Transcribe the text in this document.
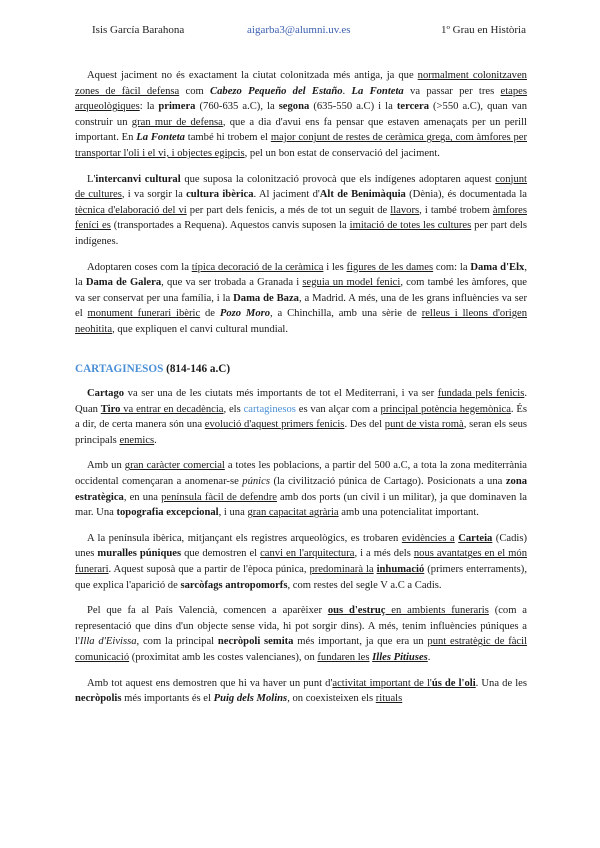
Isis García Barahona	aigarba3@alumni.uv.es	1º Grau en Història

Aquest jaciment no és exactament la ciutat colonitzada més antiga, ja que normalment colonitzaven zones de fàcil defensa com Cabezo Pequeño del Estaño. La Fonteta va passar per tres etapes arqueològiques: la primera (760-635 a.C), la segona (635-550 a.C) i la tercera (>550 a.C), quan van construir un gran mur de defensa, que a dia d'avui ens fa pensar que estaven amenaçats per un perill important. En La Fonteta també hi trobem el major conjunt de restes de ceràmica grega, com àmfores per transportar l'oli i el vi, i objectes egipcis, pel un bon estat de conservació del jaciment.

L'intercanvi cultural que suposa la colonització provocà que els indígenes adoptaren aquest conjunt de cultures, i va sorgir la cultura ibèrica. Al jaciment d'Alt de Benimàquia (Dènia), és documentada la tècnica d'elaboració del vi per part dels fenicis, a més de tot un seguit de llavors, i també trobem àmfores feníci es (transportades a Requena). Aquestos canvis suposen la imitació de totes les cultures per part dels indígenes.

Adoptaren coses com la típica decoració de la ceràmica i les figures de les dames com: la Dama d'Elx, la Dama de Galera, que va ser trobada a Granada i seguia un model fenici, com també les àmfores, que va ser conservat per una família, i la Dama de Baza, a Madrid. A més, una de les grans influències va ser el monument funerari ibèric de Pozo Moro, a Chinchilla, amb una sèrie de relleus i lleons d'origen neohitita, que expliquen el canvi cultural mundial.

CARTAGINESOS (814-146 a.C)

Cartago va ser una de les ciutats més importants de tot el Mediterrani, i va ser fundada pels fenicis. Quan Tiro va entrar en decadència, els cartaginesos es van alçar com a principal potència hegemònica. És a dir, de certa manera són una evolució d'aquest primers fenicis. Des del punt de vista romà, seran els seus principals enemics.

Amb un gran caràcter comercial a totes les poblacions, a partir del 500 a.C, a tota la zona mediterrània occidental començaran a anomenar-se púnics (la civilització púnica de Cartago). Posicionats a una zona estratègica, en una península fàcil de defendre amb dos ports (un civil i un militar), ja que dominaven la mar. Una topografia excepcional, i una gran capacitat agrària amb una potencialitat important.

A la península ibèrica, mitjançant els registres arqueològics, es trobaren evidències a Carteia (Cadis) unes muralles púniques que demostren el canvi en l'arquitectura, i a més dels nous avantatges en el món funerari. Aquest suposà que a partir de l'època púnica, predominarà la inhumació (primers enterraments), que explica l'aparició de sarcòfags antropomorfs, com restes del segle V a.C a Cadis.

Pel que fa al País Valencià, comencen a aparèixer ous d'estruç en ambients funeraris (com a representació que dins d'un objecte sense vida, hi pot sorgir dins). A més, tenim influències púniques a l'Illa d'Eivissa, com la principal necròpoli semita més important, ja que era un punt estratègic de fàcil comunicació (proximitat amb les costes valencianes), on fundaren les Illes Pitiuses.

Amb tot aquest ens demostren que hi va haver un punt d'activitat important de l'ús de l'oli. Una de les necròpolis més importants és el Puig dels Molins, on coexisteixen els rituals
